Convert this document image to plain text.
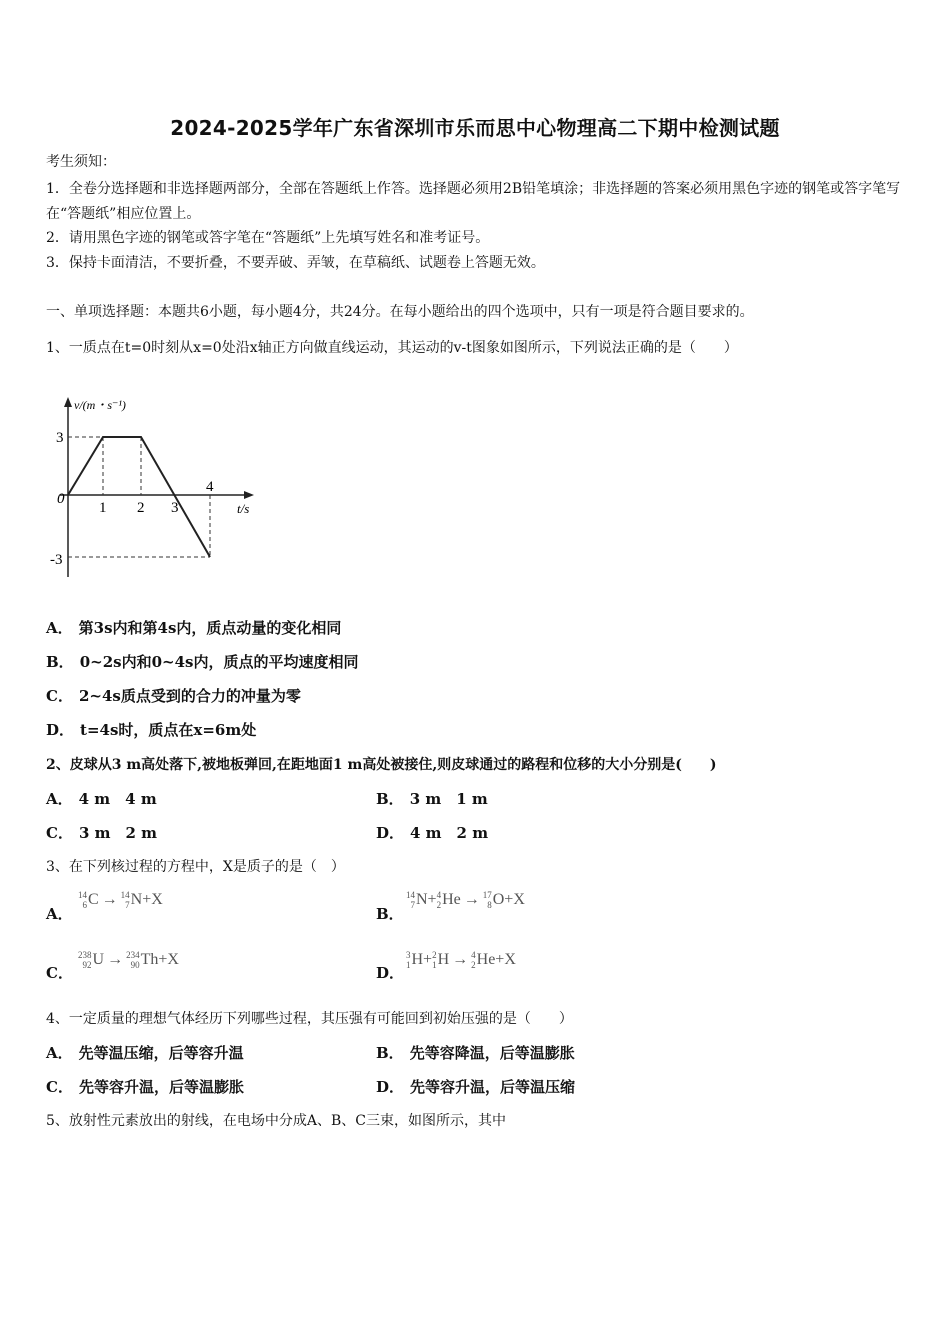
2024-2025学年广东省深圳市乐而思中心物理高二下期中检测试题
考生须知：
1．全卷分选择题和非选择题两部分，全部在答题纸上作答。选择题必须用2B铅笔填涂；非选择题的答案必须用黑色字迹的钢笔或答字笔写在“答题纸”相应位置上。
2．请用黑色字迹的钢笔或答字笔在“答题纸”上先填写姓名和准考证号。
3．保持卡面清洁，不要折叠，不要弄破、弄皱，在草稿纸、试题卷上答题无效。
一、单项选择题：本题共6小题，每小题4分，共24分。在每小题给出的四个选项中，只有一项是符合题目要求的。
1、一质点在t=0时刻从x=0处沿x轴正方向做直线运动，其运动的v-t图象如图所示，下列说法正确的是（　　）
v/(m・s⁻¹)
t/s
0
3
-3
1 2 3
4
A． 第3s内和第4s内，质点动量的变化相同
B． 0~2s内和0~4s内，质点的平均速度相同
C． 2~4s质点受到的合力的冲量为零
D． t=4s时，质点在x=6m处
2、皮球从3 m高处落下,被地板弹回,在距地面1 m高处被接住,则皮球通过的路程和位移的大小分别是(　　)
A． 4 m　4 m	B． 3 m　1 m
C． 3 m　2 m	D． 4 m　2 m
3、在下列核过程的方程中，X是质子的是（　）
A．
14
6 C → 14
7 N+X
B．
14
7 N+ 4
2 He → 17
8 O+X
C．
238
92 U → 234
90 Th+X
D．
3
1 H+ 2
1 H → 4
2 He+X
4、一定质量的理想气体经历下列哪些过程，其压强有可能回到初始压强的是（　　）
A． 先等温压缩，后等容升温	B． 先等容降温，后等温膨胀
C． 先等容升温，后等温膨胀	D． 先等容升温，后等温压缩
5、放射性元素放出的射线，在电场中分成A、B、C三束，如图所示，其中
